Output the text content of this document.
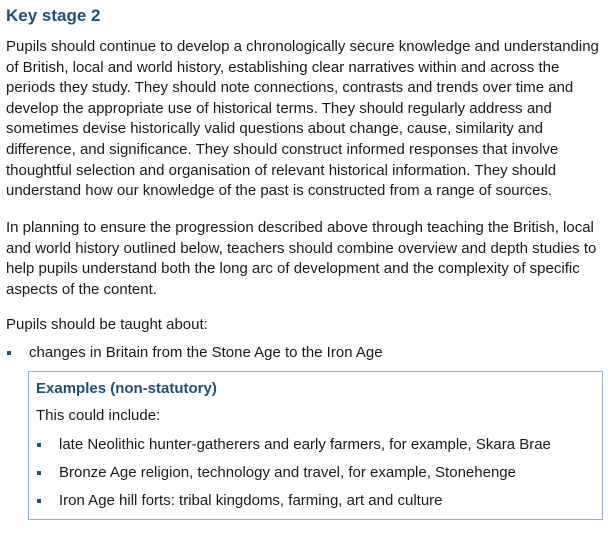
Key stage 2

Pupils should continue to develop a chronologically secure knowledge and understanding of British, local and world history, establishing clear narratives within and across the periods they study. They should note connections, contrasts and trends over time and develop the appropriate use of historical terms. They should regularly address and sometimes devise historically valid questions about change, cause, similarity and difference, and significance. They should construct informed responses that involve thoughtful selection and organisation of relevant historical information. They should understand how our knowledge of the past is constructed from a range of sources.

In planning to ensure the progression described above through teaching the British, local and world history outlined below, teachers should combine overview and depth studies to help pupils understand both the long arc of development and the complexity of specific aspects of the content.

Pupils should be taught about:

changes in Britain from the Stone Age to the Iron Age
Examples (non-statutory)
This could include:
late Neolithic hunter-gatherers and early farmers, for example, Skara Brae
Bronze Age religion, technology and travel, for example, Stonehenge
Iron Age hill forts: tribal kingdoms, farming, art and culture
